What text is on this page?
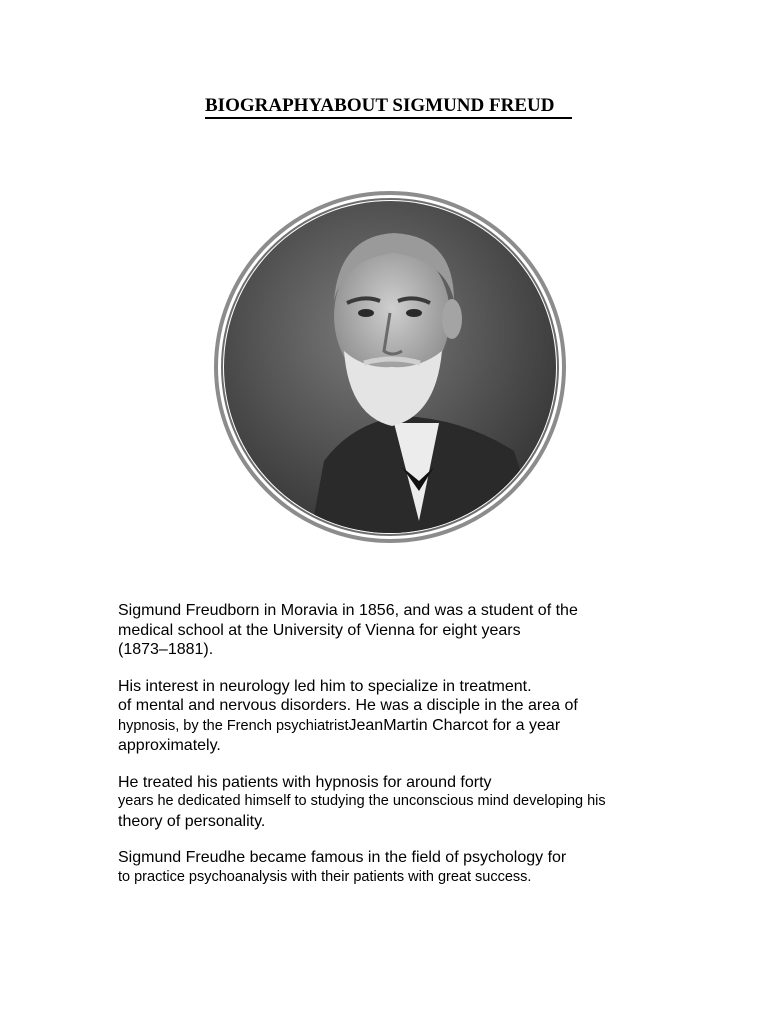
BIOGRAPHYABOUT SIGMUND FREUD

Sigmund Freudborn in Moravia in 1856, and was a student of the
medical school at the University of Vienna for eight years
(1873–1881).

His interest in neurology led him to specialize in treatment.
of mental and nervous disorders. He was a disciple in the area of
hypnosis, by the French psychiatristJeanMartin Charcot for a year
approximately.

He treated his patients with hypnosis for around forty
years he dedicated himself to studying the unconscious mind developing his
theory of personality.

Sigmund Freudhe became famous in the field of psychology for
to practice psychoanalysis with their patients with great success.
